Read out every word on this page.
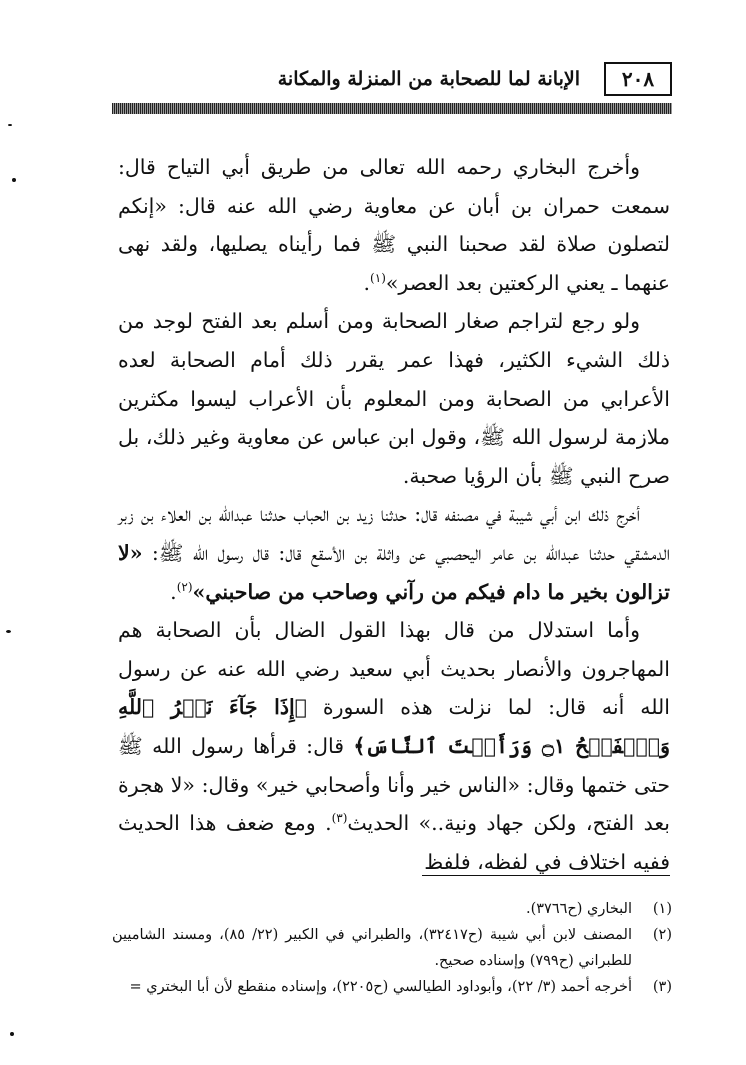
٢٠٨
الإبانة لما للصحابة من المنزلة والمكانة

وأخرج البخاري رحمه الله تعالى من طريق أبي التياح قال: سمعت حمران بن أبان عن معاوية رضي الله عنه قال: «إنكم لتصلون صلاة لقد صحبنا النبي ﷺ فما رأيناه يصليها، ولقد نهى عنهما ـ يعني الركعتين بعد العصر»$^{(١)}$.

ولو رجع لتراجم صغار الصحابة ومن أسلم بعد الفتح لوجد من ذلك الشيء الكثير، فهذا عمر يقرر ذلك أمام الصحابة لعده الأعرابي من الصحابة ومن المعلوم بأن الأعراب ليسوا مكثرين ملازمة لرسول الله ﷺ، وقول ابن عباس عن معاوية وغير ذلك، بل صرح النبي ﷺ بأن الرؤيا صحبة.

أخرج ذلك ابن أبي شيبة في مصنفه قال: حدثنا زيد بن الحباب حدثنا عبدالله بن العلاء بن زبر الدمشقي حدثنا عبدالله بن عامر اليحصبي عن واثلة بن الأسقع قال: قال رسول الله ﷺ: «لا تزالون بخير ما دام فيكم من رآني وصاحب من صاحبني»$^{(٢)}$.

وأما استدلال من قال بهذا القول الضال بأن الصحابة هم المهاجرون والأنصار بحديث أبي سعيد رضي الله عنه عن رسول الله أنه قال: لما نزلت هذه السورة ﴿إِذَا جَآءَ نَصۡرُ ٱللَّهِ وَٱلۡفَتۡحُ ۝١ وَرَأَيۡتَ ٱلنَّاسَ﴾ قال: قرأها رسول الله ﷺ حتى ختمها وقال: «الناس خير وأنا وأصحابي خير» وقال: «لا هجرة بعد الفتح، ولكن جهاد ونية..» الحديث$^{(٣)}$. ومع ضعف هذا الحديث ففيه اختلاف في لفظه، فلفظ

(١)
البخاري (ح٣٧٦٦).
(٢)
المصنف لابن أبي شيبة (ح٣٢٤١٧)، والطبراني في الكبير (٢٢/ ٨٥)، ومسند الشاميين للطبراني (ح٧٩٩) وإسناده صحيح.
(٣)
أخرجه أحمد (٣/ ٢٢)، وأبوداود الطيالسي (ح٢٢٠٥)، وإسناده منقطع لأن أبا البختري =
